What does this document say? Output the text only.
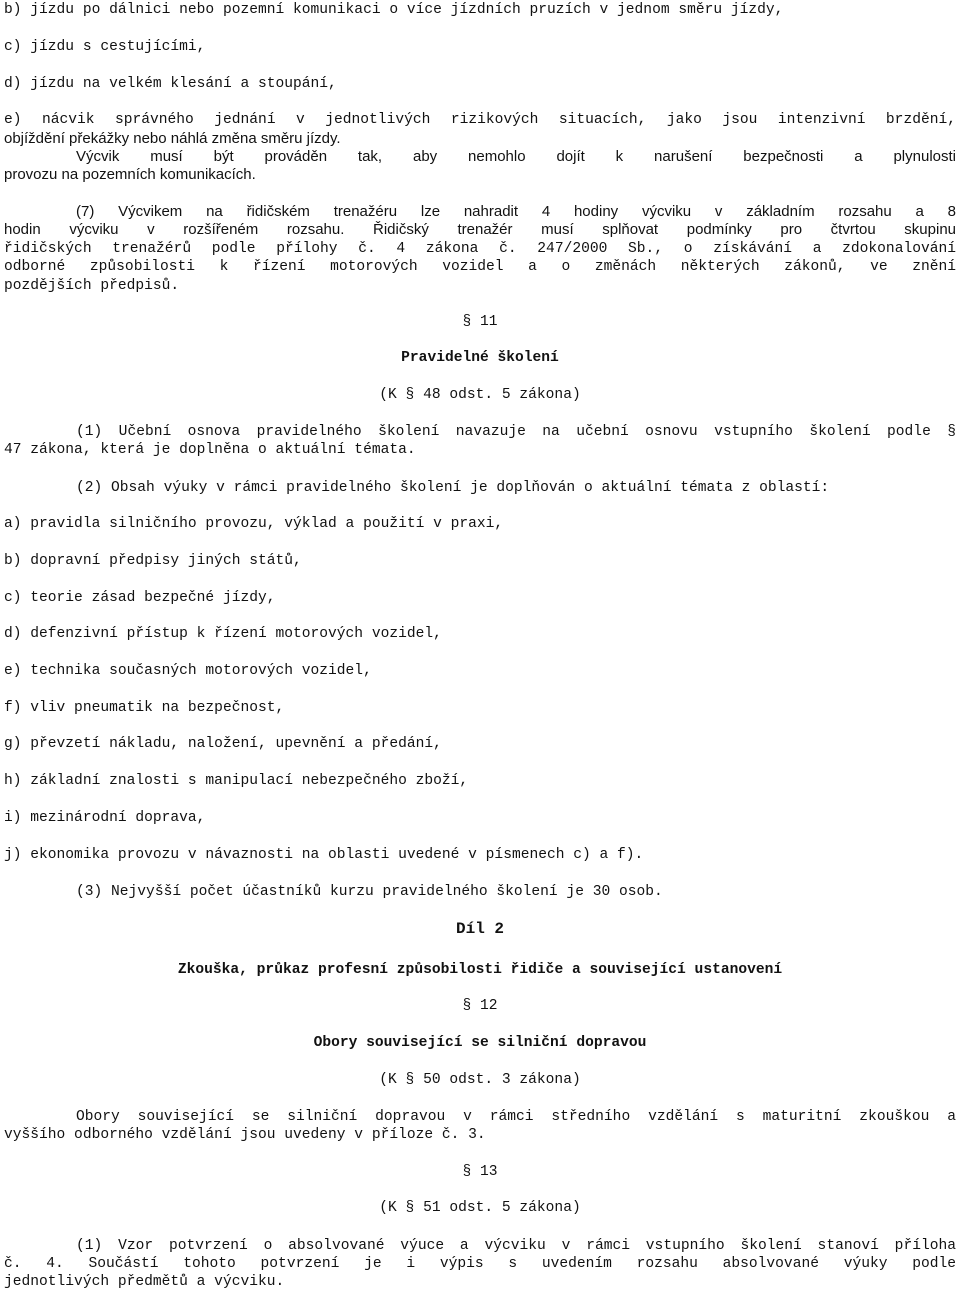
b) jízdu po dálnici nebo pozemní komunikaci o více jízdních pruzích v jednom směru jízdy,

c) jízdu s cestujícími,

d) jízdu na velkém klesání a stoupání,

e) nácvik správného jednání v jednotlivých rizikových situacích, jako jsou intenzivní brzdění,

objíždění překážky nebo náhlá změna směru jízdy.

Výcvik musí být prováděn tak, aby nemohlo dojít k narušení bezpečnosti a plynulosti

provozu na pozemních komunikacích.

(7) Výcvikem na řidičském trenažéru lze nahradit 4 hodiny výcviku v základním rozsahu a 8

hodin výcviku v rozšířeném rozsahu. Řidičský trenažér musí splňovat podmínky pro čtvrtou skupinu

řidičských trenažérů podle přílohy č. 4 zákona č. 247/2000 Sb., o získávání a zdokonalování

odborné způsobilosti k řízení motorových vozidel a o změnách některých zákonů, ve znění

pozdějších předpisů.

§ 11

Pravidelné školení

(K § 48 odst. 5 zákona)

(1) Učební osnova pravidelného školení navazuje na učební osnovu vstupního školení podle §

47 zákona, která je doplněna o aktuální témata.

(2) Obsah výuky v rámci pravidelného školení je doplňován o aktuální témata z oblastí:

a) pravidla silničního provozu, výklad a použití v praxi,

b) dopravní předpisy jiných států,

c) teorie zásad bezpečné jízdy,

d) defenzivní přístup k řízení motorových vozidel,

e) technika současných motorových vozidel,

f) vliv pneumatik na bezpečnost,

g) převzetí nákladu, naložení, upevnění a předání,

h) základní znalosti s manipulací nebezpečného zboží,

i) mezinárodní doprava,

j) ekonomika provozu v návaznosti na oblasti uvedené v písmenech c) a f).

(3) Nejvyšší počet účastníků kurzu pravidelného školení je 30 osob.

Díl 2

Zkouška, průkaz profesní způsobilosti řidiče a související ustanovení

§ 12

Obory související se silniční dopravou

(K § 50 odst. 3 zákona)

Obory související se silniční dopravou v rámci středního vzdělání s maturitní zkouškou a

vyššího odborného vzdělání jsou uvedeny v příloze č. 3.

§ 13

(K § 51 odst. 5 zákona)

(1) Vzor potvrzení o absolvované výuce a výcviku v rámci vstupního školení stanoví příloha

č. 4. Součástí tohoto potvrzení je i výpis s uvedením rozsahu absolvované výuky podle

jednotlivých předmětů a výcviku.
